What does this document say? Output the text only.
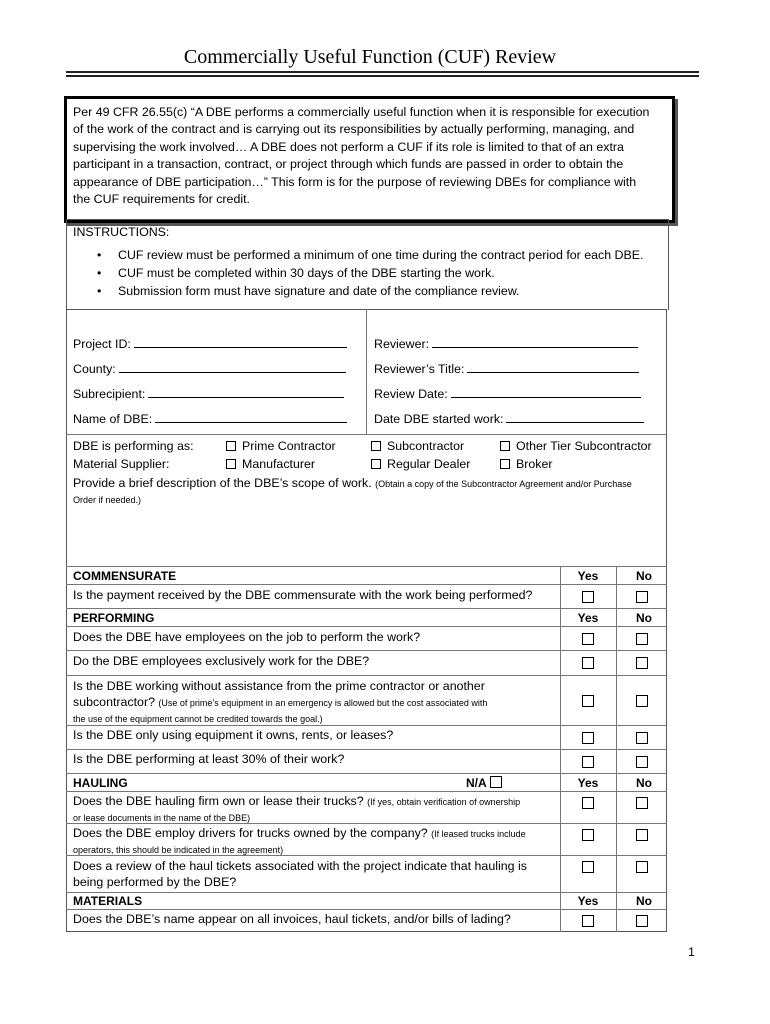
Commercially Useful Function (CUF) Review
Per 49 CFR 26.55(c) “A DBE performs a commercially useful function when it is responsible for execution
of the work of the contract and is carrying out its responsibilities by actually performing, managing, and
supervising the work involved… A DBE does not perform a CUF if its role is limited to that of an extra
participant in a transaction, contract, or project through which funds are passed in order to obtain the
appearance of DBE participation…” This form is for the purpose of reviewing DBEs for compliance with
the CUF requirements for credit.
INSTRUCTIONS:
• CUF review must be performed a minimum of one time during the contract period for each DBE.
• CUF must be completed within 30 days of the DBE starting the work.
• Submission form must have signature and date of the compliance review.
Project ID:	Reviewer:
County:	Reviewer’s Title:
Subrecipient:	Review Date:
Name of DBE:	Date DBE started work:
DBE is performing as:	Prime Contractor	Subcontractor	Other Tier Subcontractor
Material Supplier:	Manufacturer	Regular Dealer	Broker
Provide a brief description of the DBE’s scope of work. (Obtain a copy of the Subcontractor Agreement and/or Purchase
Order if needed.)
COMMENSURATE	Yes	No
Is the payment received by the DBE commensurate with the work being performed?
PERFORMING	Yes	No
Does the DBE have employees on the job to perform the work?
Do the DBE employees exclusively work for the DBE?
Is the DBE working without assistance from the prime contractor or another
subcontractor? (Use of prime’s equipment in an emergency is allowed but the cost associated with
the use of the equipment cannot be credited towards the goal.)
Is the DBE only using equipment it owns, rents, or leases?
Is the DBE performing at least 30% of their work?
HAULING	N/A	Yes	No
Does the DBE hauling firm own or lease their trucks? (If yes, obtain verification of ownership
or lease documents in the name of the DBE)
Does the DBE employ drivers for trucks owned by the company? (If leased trucks include
operators, this should be indicated in the agreement)
Does a review of the haul tickets associated with the project indicate that hauling is
being performed by the DBE?
MATERIALS	Yes	No
Does the DBE’s name appear on all invoices, haul tickets, and/or bills of lading?
1
